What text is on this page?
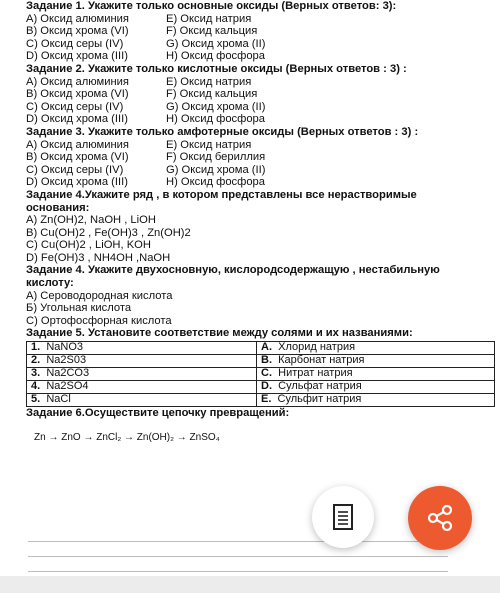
Задание 1. Укажите только основные оксиды (Верных ответов: 3):
А) Оксид алюминия	Е) Оксид натрия
В) Оксид хрома (VI)	F) Оксид кальция
С) Оксид серы (IV)	G) Оксид хрома (II)
D) Оксид хрома (III)	H) Оксид фосфора
Задание 2. Укажите только кислотные оксиды (Верных ответов : 3) :
А) Оксид алюминия	Е) Оксид натрия
В) Оксид хрома (VI)	F) Оксид кальция
С) Оксид серы (IV)	G) Оксид хрома (II)
D) Оксид хрома (III)	H) Оксид фосфора
Задание 3. Укажите только амфотерные оксиды (Верных ответов : 3) :
А) Оксид алюминия	Е) Оксид натрия
В) Оксид хрома (VI)	F) Оксид бериллия
С) Оксид серы (IV)	G) Оксид хрома (II)
D) Оксид хрома (III)	H) Оксид фосфора
Задание 4.Укажите ряд , в котором представлены все нерастворимые основания:
A) Zn(OH)2, NaOH , LiOH
B) Cu(OH)2 , Fe(OH)3 , Zn(OH)2
C) Cu(OH)2 , LiOH, KOH
D) Fe(OH)3 , NH4OH ,NaOH
Задание 4. Укажите двухосновную, кислородсодержащую , нестабильную кислоту:
А) Сероводородная кислота
Б) Угольная кислота
С) Ортофосфорная кислота
Задание 5. Установите соответствие между солями и их названиями:
1. NaNO3	A. Хлорид натрия
2. Na2S03	B. Карбонат натрия
3. Na2CO3	C. Нитрат натрия
4. Na2SO4	D. Сульфат натрия
5. NaCl	E. Сульфит натрия
Задание 6.Осуществите цепочку превращений:
Zn → ZnO → ZnCl₂ → Zn(OH)₂ → ZnSO₄
